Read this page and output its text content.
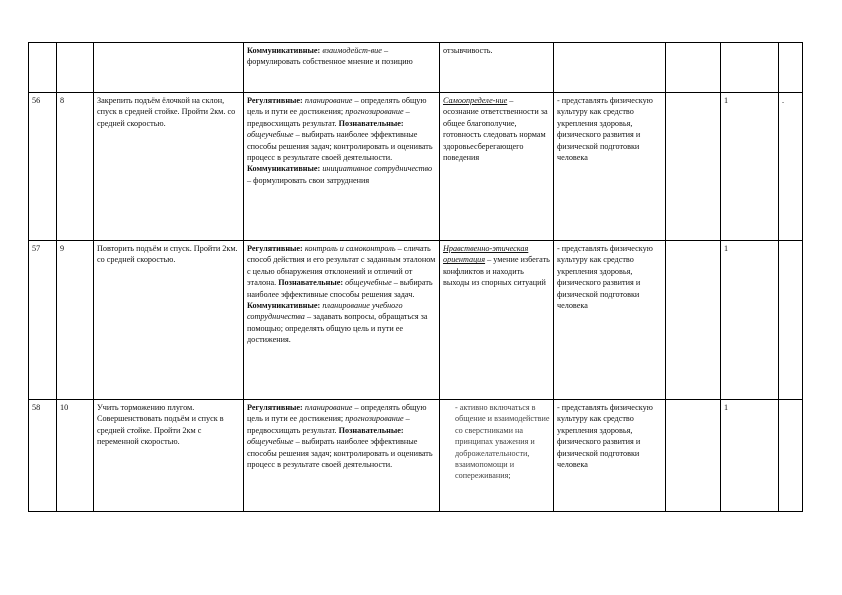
			Коммуникативные: взаимодейст-вие – формулировать собственное мнение и позицию	отзывчивость.				
56	8	Закрепить подъём ёлочкой на склон, спуск в средней стойке. Пройти 2км. со средней скоростью.	Регулятивные: планирование – определять общую цель и пути ее достижения; прогнозирование – предвосхищать результат. Познавательные: общеучебные – выбирать наиболее эффективные способы решения задач; контролировать и оценивать процесс в результате своей деятельности. Коммуникативные: инициативное сотрудничество – формулировать свои затруднения	Самоопределе-ние – осознание ответственности за общее благополучие, готовность следовать нормам здоровьесберегающего поведения	- представлять физическую культуру как средство укрепления здоровья, физического развития и физической подготовки человека		1	.
57	9	Повторить подъём и спуск. Пройти 2км. со средней скоростью.	Регулятивные: контроль и самоконтроль – сличать способ действия и его результат с заданным эталоном с целью обнаружения отклонений и отличий от эталона. Познавательные: общеучебные – выбирать наиболее эффективные способы решения задач. Коммуникативные: планирование учебного сотрудничества – задавать вопросы, обращаться за помощью; определять общую цель и пути ее достижения.	Нравственно-этическая ориентация – умение избегать конфликтов и находить выходы из спорных ситуаций	- представлять физическую культуру как средство укрепления здоровья, физического развития и физической подготовки человека		1	
58	10	Учить торможению плугом. Совершенствовать подъём и спуск в средней стойке. Пройти 2км с переменной скоростью.	Регулятивные: планирование – определять общую цель и пути ее достижения; прогнозирование – предвосхищать результат. Познавательные: общеучебные – выбирать наиболее эффективные способы решения задач; контролировать и оценивать процесс в результате своей деятельности.	- активно включаться в общение и взаимодействие со сверстниками на принципах уважения и доброжелательности, взаимопомощи и сопереживания;	- представлять физическую культуру как средство укрепления здоровья, физического развития и физической подготовки человека		1	
